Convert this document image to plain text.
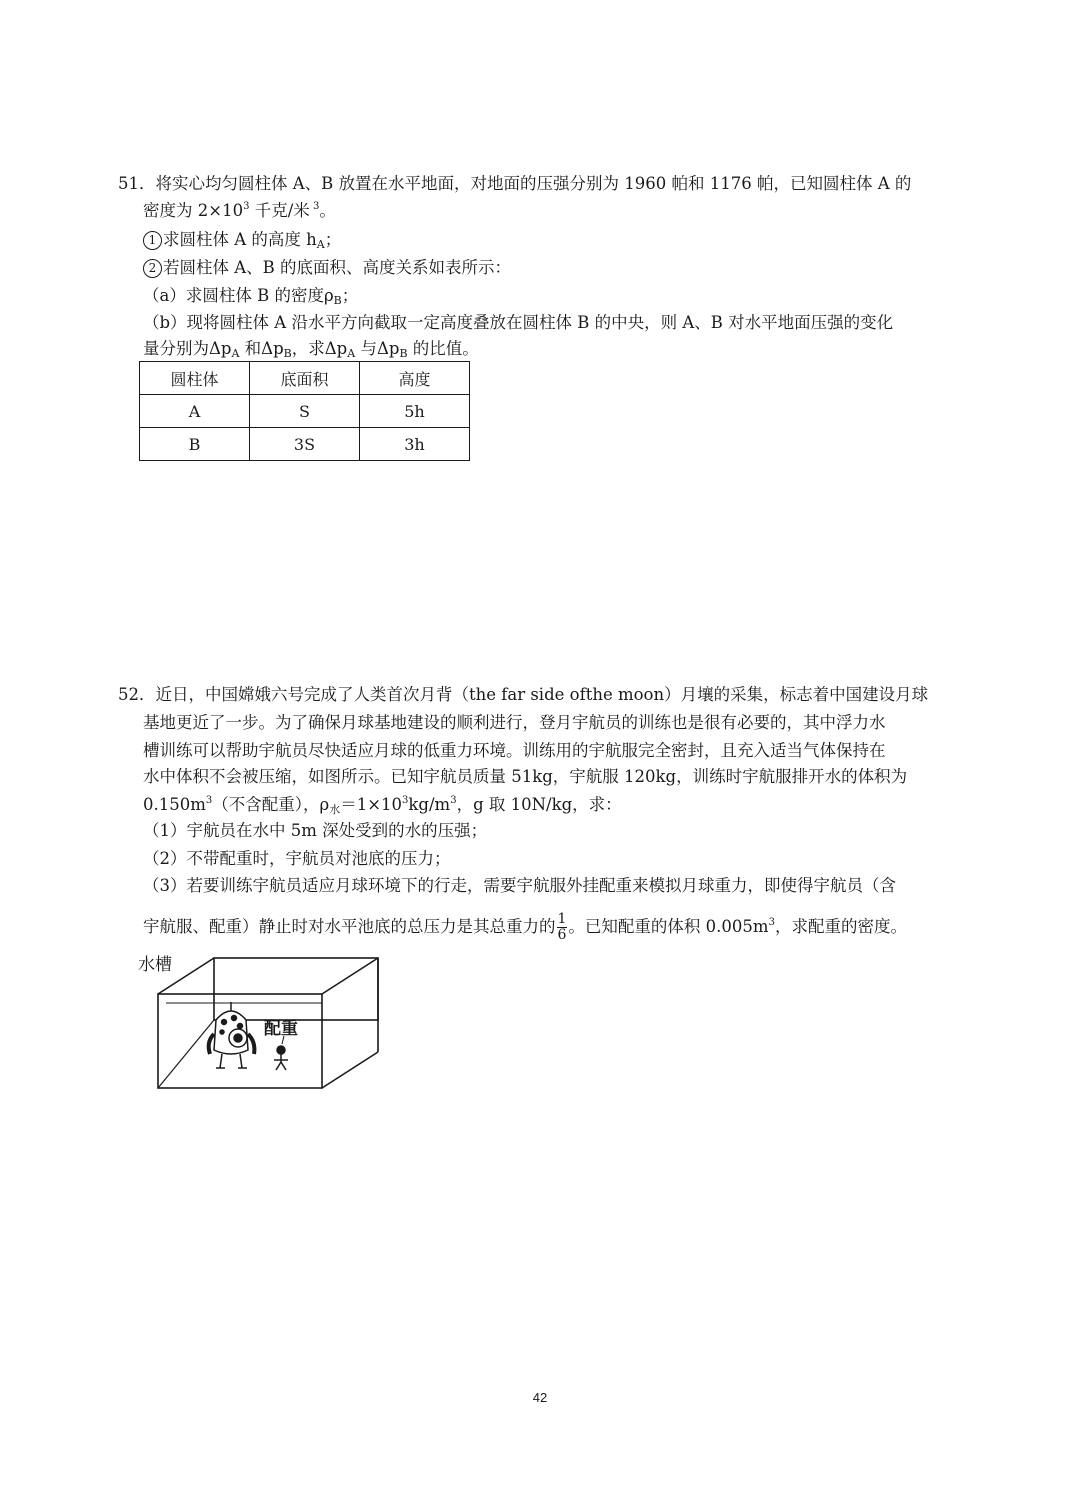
51．将实心均匀圆柱体 A、B 放置在水平地面，对地面的压强分别为 1960 帕和 1176 帕，已知圆柱体 A 的
密度为 $2\times 10^3$ 千克/米 $^3$。
1 求圆柱体 A 的高度 $h_A$；
2 若圆柱体 A、B 的底面积、高度关系如表所示：
（a）求圆柱体 B 的密度$\rho_B$；
（b）现将圆柱体 A 沿水平方向截取一定高度叠放在圆柱体 B 的中央，则 A、B 对水平地面压强的变化
量分别为$\Delta p_A$ 和$\Delta p_B$，求$\Delta p_A$ 与$\Delta p_B$ 的比值。
圆柱体	底面积	高度
A	S	5h
B	3S	3h
52．近日，中国嫦娥六号完成了人类首次月背（the far side ofthe moon）月壤的采集，标志着中国建设月球
基地更近了一步。为了确保月球基地建设的顺利进行，登月宇航员的训练也是很有必要的，其中浮力水
槽训练可以帮助宇航员尽快适应月球的低重力环境。训练用的宇航服完全密封，且充入适当气体保持在
水中体积不会被压缩，如图所示。已知宇航员质量 51kg，宇航服 120kg，训练时宇航服排开水的体积为
$0.150m^3$（不含配重），$\rho_水=1\times 10^3kg/m^3$，g 取 10N/kg，求：
（1）宇航员在水中 5m 深处受到的水的压强；
（2）不带配重时，宇航员对池底的压力；
（3）若要训练宇航员适应月球环境下的行走，需要宇航服外挂配重来模拟月球重力，即使得宇航员（含
宇航服、配重）静止时对水平池底的总压力是其总重力的 $\frac{1}{6}$ 。已知配重的体积 $0.005m^3$，求配重的密度。
水槽
配重
42
